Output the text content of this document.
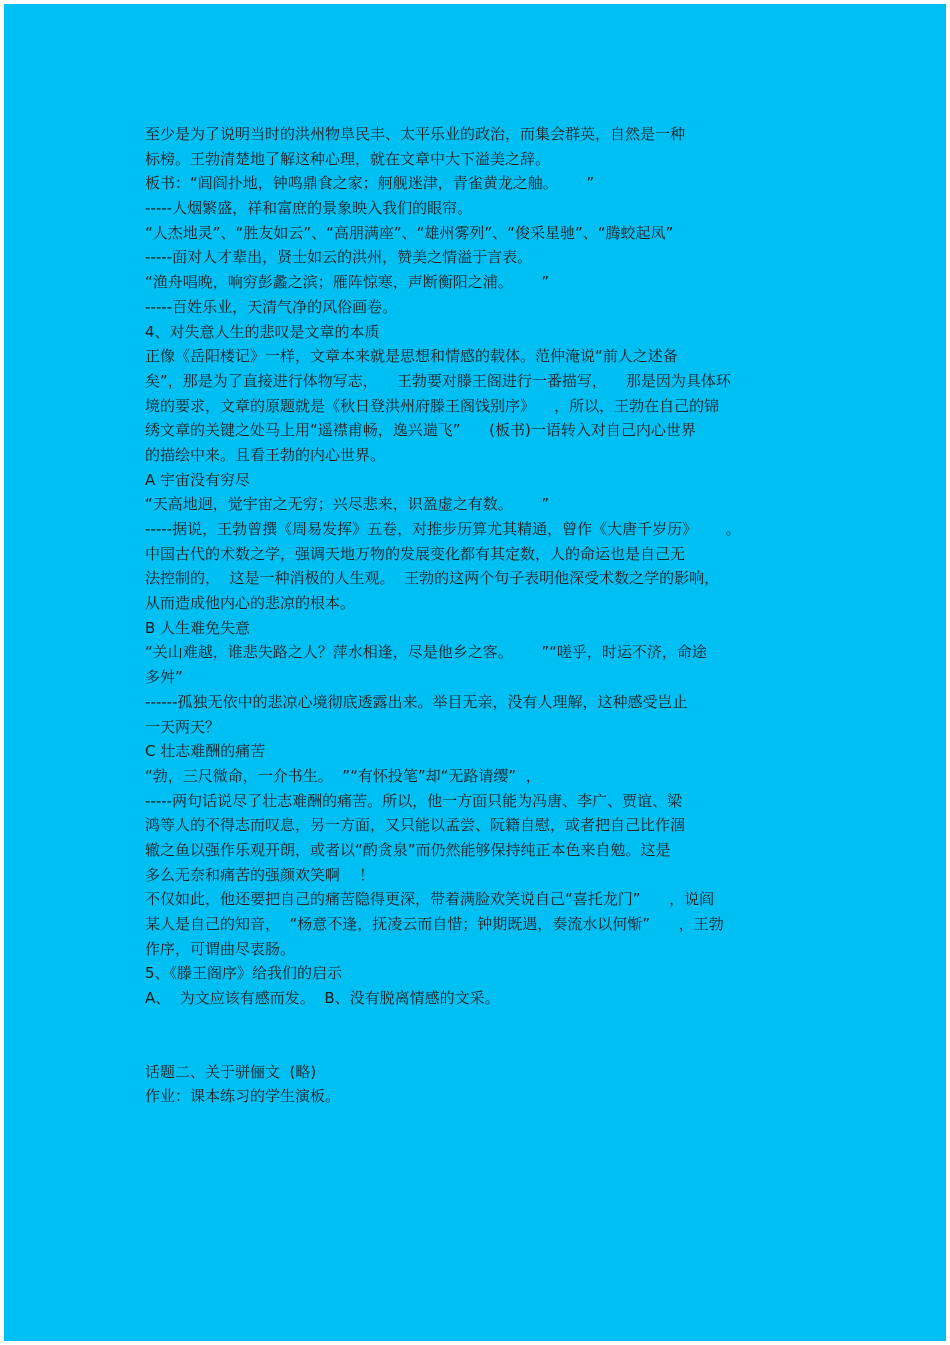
至少是为了说明当时的洪州物阜民丰、太平乐业的政治，而集会群英，自然是一种
标榜。王勃清楚地了解这种心理，就在文章中大下溢美之辞。
板书：“闾阎扑地，钟鸣鼎食之家；舸舰迷津，青雀黄龙之舳。      ”
-----人烟繁盛，祥和富庶的景象映入我们的眼帘。
“人杰地灵”、“胜友如云”、“高朋满座”、“雄州雾列”、“俊采星驰”、“腾蛟起凤”
-----面对人才辈出，贤士如云的洪州，赞美之情溢于言表。
“渔舟唱晚，响穷彭蠡之滨；雁阵惊寒，声断衡阳之浦。      ”
-----百姓乐业，天清气净的风俗画卷。
4、对失意人生的悲叹是文章的本质
正像《岳阳楼记》一样，文章本来就是思想和情感的载体。范仲淹说“前人之述备
矣”，那是为了直接进行体物写志，    王勃要对滕王阁进行一番描写，    那是因为具体环
境的要求，文章的原题就是《秋日登洪州府滕王阁饯别序》    ，所以，王勃在自己的锦
绣文章的关键之处马上用“遥襟甫畅，逸兴遄飞”      (板书)一语转入对自己内心世界
的描绘中来。且看王勃的内心世界。
A 宇宙没有穷尽
“天高地迥，觉宇宙之无穷；兴尽悲来，识盈虚之有数。      ”
-----据说，王勃曾撰《周易发挥》五卷，对推步历算尤其精通，曾作《大唐千岁历》      。
中国古代的术数之学，强调天地万物的发展变化都有其定数，人的命运也是自己无
法控制的，  这是一种消极的人生观。  王勃的这两个句子表明他深受术数之学的影响，
从而造成他内心的悲凉的根本。
B 人生难免失意
“关山难越，谁悲失路之人？萍水相逢，尽是他乡之客。      ”“嗟乎，时运不济，命途
多舛”
------孤独无依中的悲凉心境彻底透露出来。举目无亲，没有人理解，这种感受岂止
一天两天？
C 壮志难酬的痛苦
“勃，三尺微命，一介书生。  ”“有怀投笔”却“无路请缨”  ，
-----两句话说尽了壮志难酬的痛苦。所以，他一方面只能为冯唐、李广、贾谊、梁
鸿等人的不得志而叹息，另一方面，又只能以孟尝、阮籍自慰，或者把自己比作涸
辙之鱼以强作乐观开朗，或者以“酌贪泉”而仍然能够保持纯正本色来自勉。这是
多么无奈和痛苦的强颜欢笑啊    ！
不仅如此，他还要把自己的痛苦隐得更深，带着满脸欢笑说自己“喜托龙门”      ，说阎
某人是自己的知音，  “杨意不逢，抚凌云而自惜；钟期既遇，奏流水以何惭”      ，王勃
作序，可谓曲尽衷肠。
5、《滕王阁序》给我们的启示
A、  为文应该有感而发。  B、没有脱离情感的文采。
话题二、关于骈俪文  (略)
作业：课本练习的学生演板。
